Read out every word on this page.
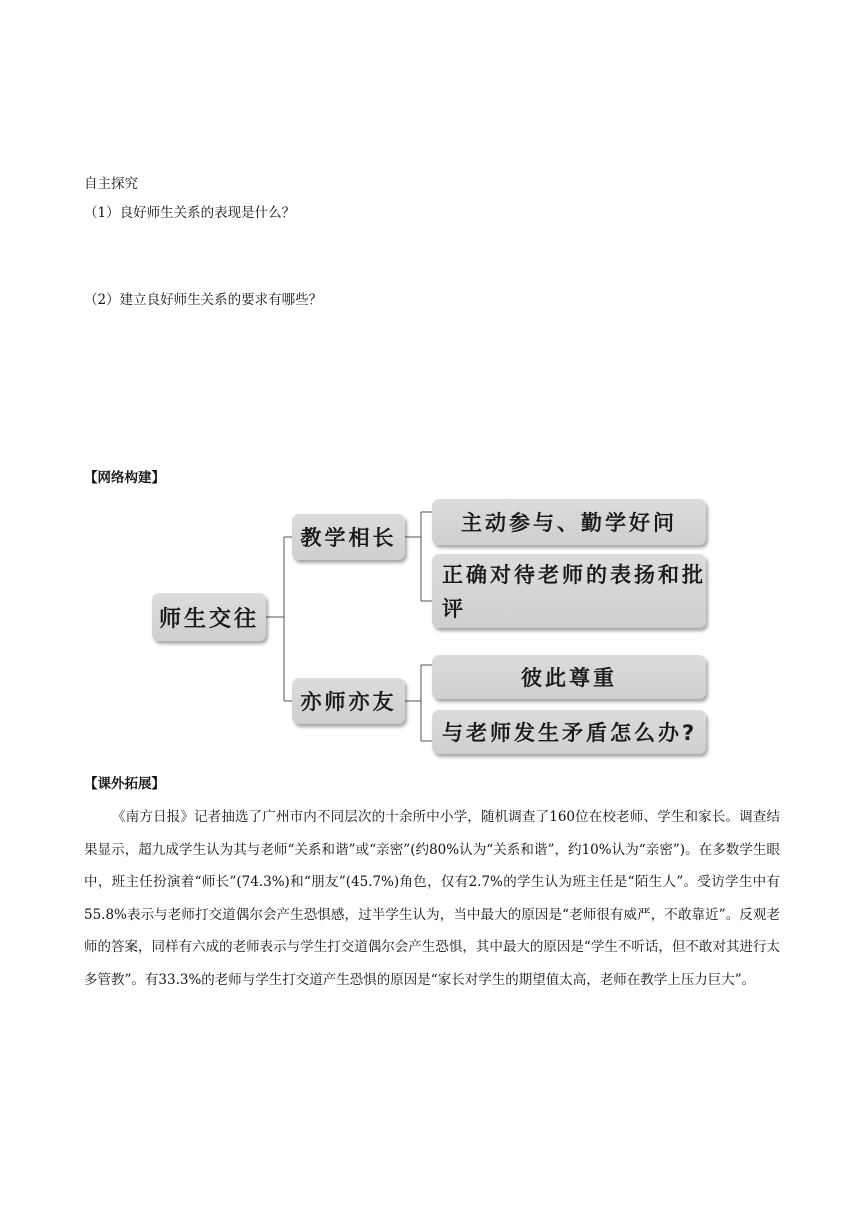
自主探究
（1）良好师生关系的表现是什么？
（2）建立良好师生关系的要求有哪些？
【网络构建】
师生交往
教学相长
亦师亦友
主动参与、勤学好问
正确对待老师的表扬和批评
彼此尊重
与老师发生矛盾怎么办?
【课外拓展】
《南方日报》记者抽选了广州市内不同层次的十余所中小学，随机调查了160位在校老师、学生和家长。调查结果显示，超九成学生认为其与老师“关系和谐”或“亲密”(约80%认为“关系和谐”，约10%认为“亲密”)。在多数学生眼中，班主任扮演着“师长”(74.3%)和“朋友”(45.7%)角色，仅有2.7%的学生认为班主任是“陌生人”。受访学生中有55.8%表示与老师打交道偶尔会产生恐惧感，过半学生认为，当中最大的原因是“老师很有威严，不敢靠近”。反观老师的答案，同样有六成的老师表示与学生打交道偶尔会产生恐惧，其中最大的原因是“学生不听话，但不敢对其进行太多管教”。有33.3%的老师与学生打交道产生恐惧的原因是“家长对学生的期望值太高，老师在教学上压力巨大”。
